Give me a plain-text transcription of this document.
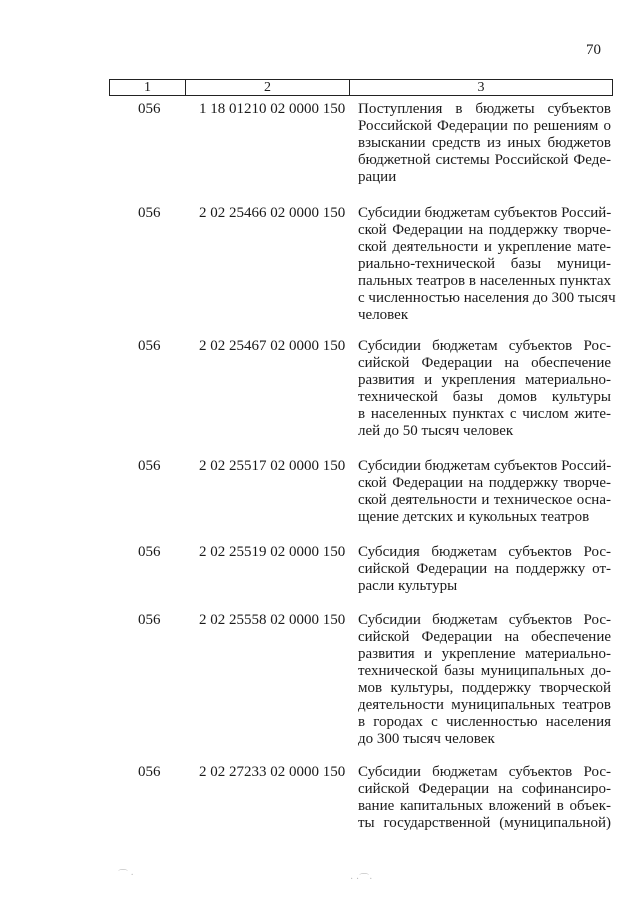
70
1	2	3
056	1 18 01210 02 0000 150 Поступления в бюджеты субъектов
Российской Федерации по решениям о
взыскании средств из иных бюджетов
бюджетной системы Российской Феде-
рации
056	2 02 25466 02 0000 150 Субсидии бюджетам субъектов Россий-
ской Федерации на поддержку творче-
ской деятельности и укрепление мате-
риально-технической базы муници-
пальных театров в населенных пунктах
с численностью населения до 300 тысяч
человек
056	2 02 25467 02 0000 150 Субсидии бюджетам субъектов Рос-
сийской Федерации на обеспечение
развития и укрепления материально-
технической базы домов культуры
в населенных пунктах с числом жите-
лей до 50 тысяч человек
056	2 02 25517 02 0000 150 Субсидии бюджетам субъектов Россий-
ской Федерации на поддержку творче-
ской деятельности и техническое осна-
щение детских и кукольных театров
056	2 02 25519 02 0000 150 Субсидия бюджетам субъектов Рос-
сийской Федерации на поддержку от-
расли культуры
056	2 02 25558 02 0000 150 Субсидии бюджетам субъектов Рос-
сийской Федерации на обеспечение
развития и укрепление материально-
технической базы муниципальных до-
мов культуры, поддержку творческой
деятельности муниципальных театров
в городах с численностью населения
до 300 тысяч человек
056	2 02 27233 02 0000 150 Субсидии бюджетам субъектов Рос-
сийской Федерации на софинансиро-
вание капитальных вложений в объек-
ты государственной (муниципальной)
⌒ ·	· ·⌒·
